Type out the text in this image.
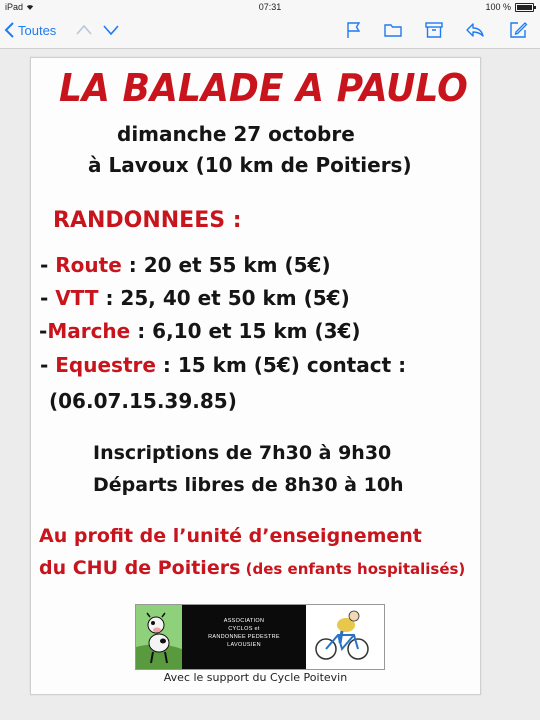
iPad	07:31	100 %
Toutes
LA BALADE A PAULO
dimanche 27 octobre
à Lavoux (10 km de Poitiers)
RANDONNEES :
- Route : 20 et 55 km (5€)
- VTT : 25, 40 et 50 km (5€)
-Marche : 6,10 et 15 km (3€)
- Equestre : 15 km (5€) contact :
(06.07.15.39.85)
Inscriptions de 7h30 à 9h30
Départs libres de 8h30 à 10h
Au profit de l’unité d’enseignement
du CHU de Poitiers (des enfants hospitalisés)
ASSOCIATION
CYCLOS et
RANDONNEE PEDESTRE
LAVOUSIEN
Avec le support du Cycle Poitevin
